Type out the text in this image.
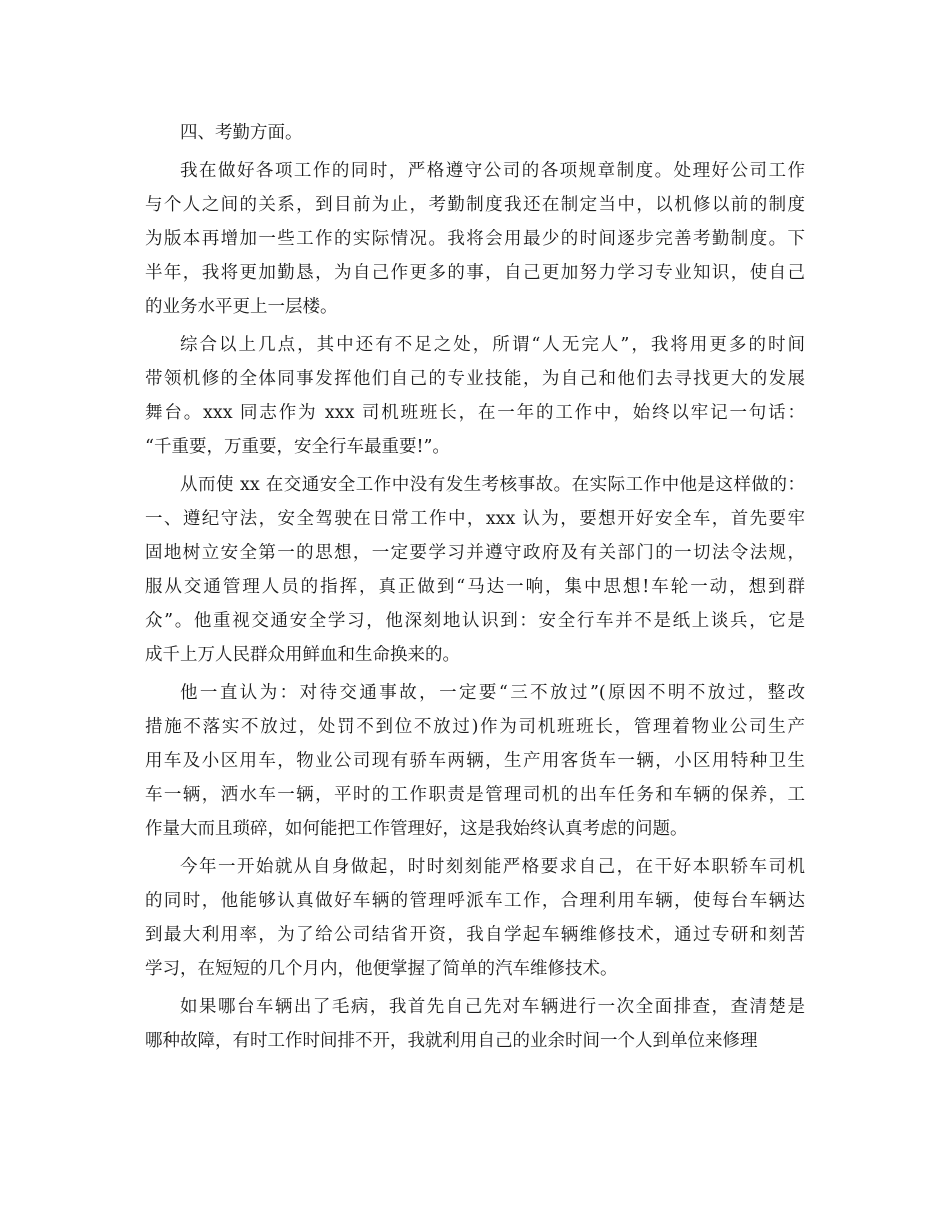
四、考勤方面。
我在做好各项工作的同时，严格遵守公司的各项规章制度。处理好公司工作
与个人之间的关系，到目前为止，考勤制度我还在制定当中，以机修以前的制度
为版本再增加一些工作的实际情况。我将会用最少的时间逐步完善考勤制度。下
半年，我将更加勤恳，为自己作更多的事，自己更加努力学习专业知识，使自己
的业务水平更上一层楼。
综合以上几点，其中还有不足之处，所谓“人无完人”，我将用更多的时间
带领机修的全体同事发挥他们自己的专业技能，为自己和他们去寻找更大的发展
舞台。xxx 同志作为 xxx 司机班班长，在一年的工作中，始终以牢记一句话：
“千重要，万重要，安全行车最重要!”。
从而使 xx 在交通安全工作中没有发生考核事故。在实际工作中他是这样做的：
一、遵纪守法，安全驾驶在日常工作中，xxx 认为，要想开好安全车，首先要牢
固地树立安全第一的思想，一定要学习并遵守政府及有关部门的一切法令法规，
服从交通管理人员的指挥，真正做到“马达一响，集中思想!车轮一动，想到群
众”。他重视交通安全学习，他深刻地认识到：安全行车并不是纸上谈兵，它是
成千上万人民群众用鲜血和生命换来的。
他一直认为：对待交通事故，一定要“三不放过”(原因不明不放过，整改
措施不落实不放过，处罚不到位不放过)作为司机班班长，管理着物业公司生产
用车及小区用车，物业公司现有骄车两辆，生产用客货车一辆，小区用特种卫生
车一辆，洒水车一辆，平时的工作职责是管理司机的出车任务和车辆的保养，工
作量大而且琐碎，如何能把工作管理好，这是我始终认真考虑的问题。
今年一开始就从自身做起，时时刻刻能严格要求自己，在干好本职轿车司机
的同时，他能够认真做好车辆的管理呼派车工作，合理利用车辆，使每台车辆达
到最大利用率，为了给公司结省开资，我自学起车辆维修技术，通过专研和刻苦
学习，在短短的几个月内，他便掌握了简单的汽车维修技术。
如果哪台车辆出了毛病，我首先自己先对车辆进行一次全面排查，查清楚是
哪种故障，有时工作时间排不开，我就利用自己的业余时间一个人到单位来修理
